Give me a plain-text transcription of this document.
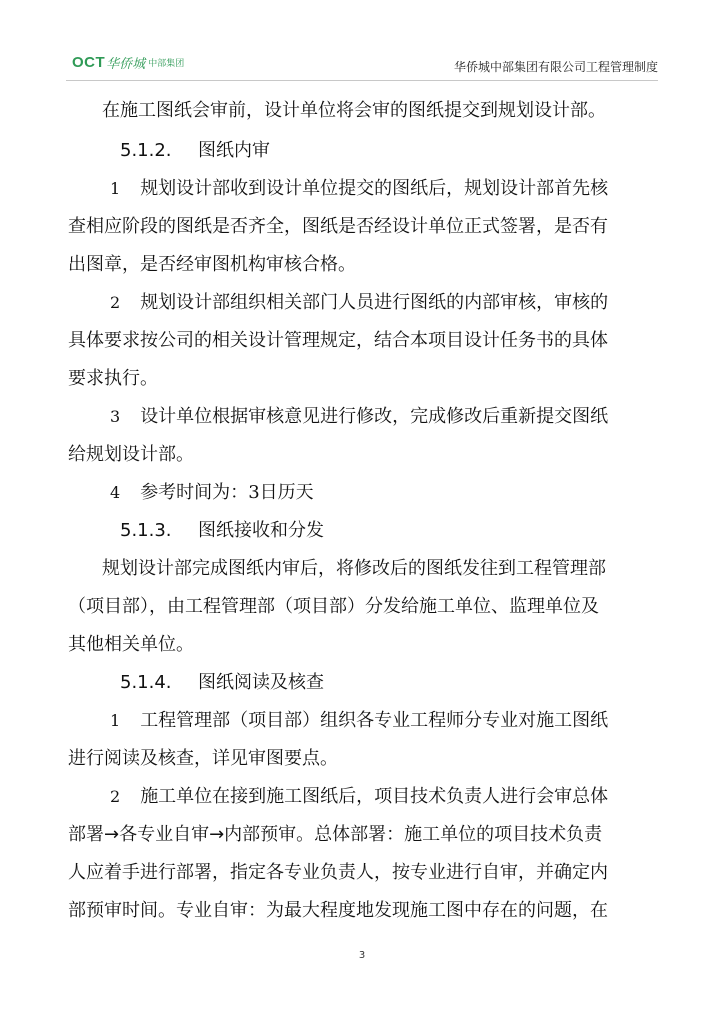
OCT 华侨城 中部集团	华侨城中部集团有限公司工程管理制度
在施工图纸会审前，设计单位将会审的图纸提交到规划设计部。
5.1.2. 图纸内审
1 规划设计部收到设计单位提交的图纸后，规划设计部首先核
查相应阶段的图纸是否齐全，图纸是否经设计单位正式签署，是否有
出图章，是否经审图机构审核合格。
2 规划设计部组织相关部门人员进行图纸的内部审核，审核的
具体要求按公司的相关设计管理规定，结合本项目设计任务书的具体
要求执行。
3 设计单位根据审核意见进行修改，完成修改后重新提交图纸
给规划设计部。
4 参考时间为：3日历天
5.1.3. 图纸接收和分发
规划设计部完成图纸内审后，将修改后的图纸发往到工程管理部
（项目部），由工程管理部（项目部）分发给施工单位、监理单位及
其他相关单位。
5.1.4. 图纸阅读及核查
1 工程管理部（项目部）组织各专业工程师分专业对施工图纸
进行阅读及核查，详见审图要点。
2 施工单位在接到施工图纸后，项目技术负责人进行会审总体
部署→各专业自审→内部预审。总体部署：施工单位的项目技术负责
人应着手进行部署，指定各专业负责人，按专业进行自审，并确定内
部预审时间。专业自审：为最大程度地发现施工图中存在的问题，在
3
